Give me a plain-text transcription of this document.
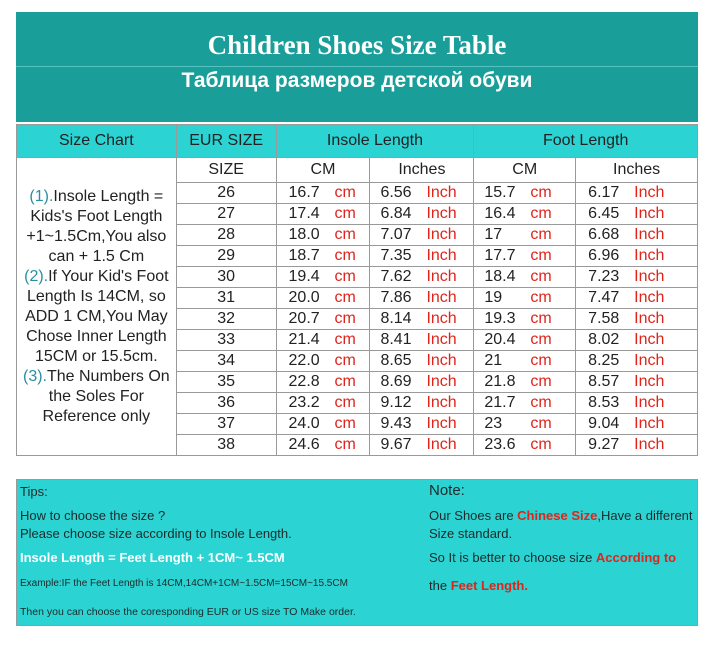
Children Shoes Size Table
Таблица размеров детской обуви
Size Chart	EUR SIZE	Insole Length		Foot Length	
(1).Insole Length = Kids's Foot Length +1~1.5Cm,You also can + 1.5 Cm
(2).If Your Kid's Foot Length Is 14CM, so ADD 1 CM,You May Chose Inner Length 15CM or 15.5cm.
(3).The Numbers On the Soles For Reference only	SIZE	CM	Inches	CM	Inches
	26	16.7 cm	6.56 Inch	15.7 cm	6.17 Inch
	27	17.4 cm	6.84 Inch	16.4 cm	6.45 Inch
	28	18.0 cm	7.07 Inch	17 cm	6.68 Inch
	29	18.7 cm	7.35 Inch	17.7 cm	6.96 Inch
	30	19.4 cm	7.62 Inch	18.4 cm	7.23 Inch
	31	20.0 cm	7.86 Inch	19 cm	7.47 Inch
	32	20.7 cm	8.14 Inch	19.3 cm	7.58 Inch
	33	21.4 cm	8.41 Inch	20.4 cm	8.02 Inch
	34	22.0 cm	8.65 Inch	21 cm	8.25 Inch
	35	22.8 cm	8.69 Inch	21.8 cm	8.57 Inch
	36	23.2 cm	9.12 Inch	21.7 cm	8.53 Inch
	37	24.0 cm	9.43 Inch	23 cm	9.04 Inch
	38	24.6 cm	9.67 Inch	23.6 cm	9.27 Inch
Tips:
How to choose the size ?
Please choose size according to Insole Length.
Insole Length = Feet Length + 1CM~ 1.5CM
Example:IF the Feet Length is 14CM,14CM+1CM~1.5CM=15CM~15.5CM
Then you can choose the coresponding EUR or US size TO Make order.
Note:
Our Shoes are Chinese Size,Have a different
Size standard.
So It is better to choose size According to
the Feet Length.
